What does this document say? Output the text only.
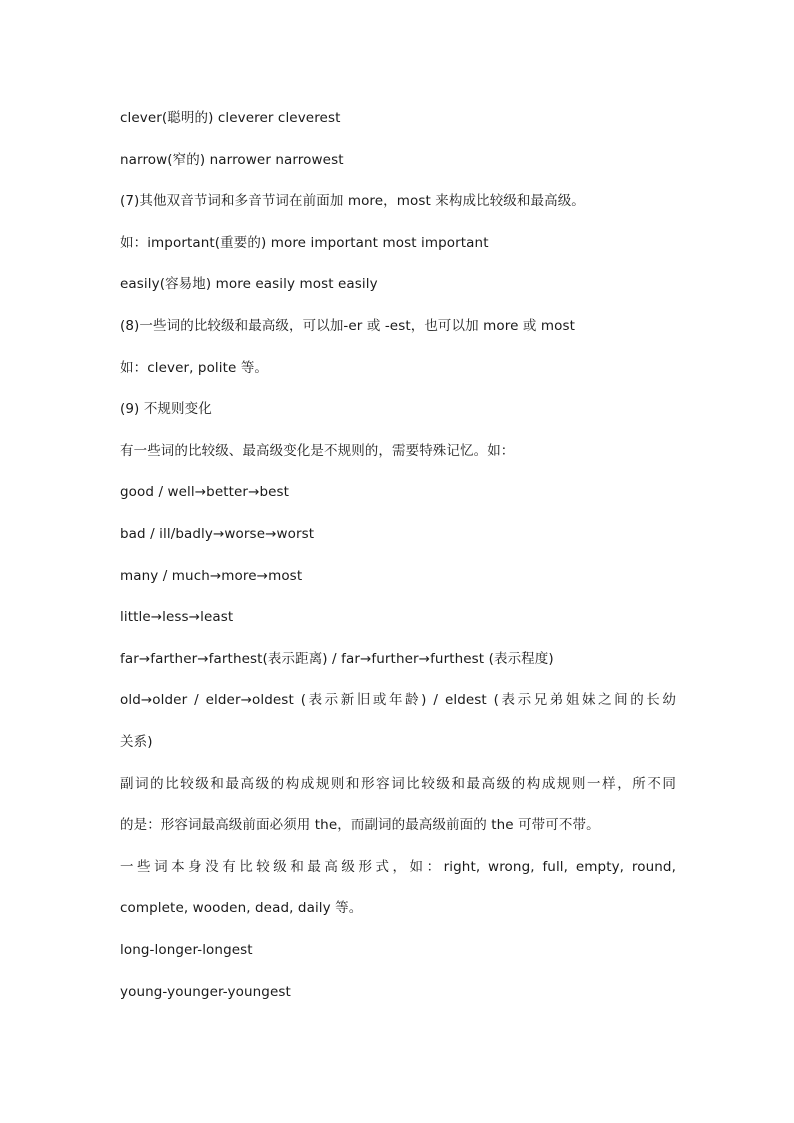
clever(聪明的) cleverer cleverest
narrow(窄的) narrower narrowest
(7)其他双音节词和多音节词在前面加 more，most 来构成比较级和最高级。
如：important(重要的) more important most important
easily(容易地) more easily most easily
(8)一些词的比较级和最高级，可以加-er 或 -est，也可以加 more 或 most
如：clever, polite 等。
(9) 不规则变化
有一些词的比较级、最高级变化是不规则的，需要特殊记忆。如：
good / well→better→best
bad / ill/badly→worse→worst
many / much→more→most
little→less→least
far→farther→farthest(表示距离) / far→further→furthest (表示程度)
old→older / elder→oldest (表示新旧或年龄) / eldest (表示兄弟姐妹之间的长幼
关系)
副词的比较级和最高级的构成规则和形容词比较级和最高级的构成规则一样，所不同
的是：形容词最高级前面必须用 the，而副词的最高级前面的 the 可带可不带。
一些词本身没有比较级和最高级形式，如：right, wrong, full, empty, round,
complete, wooden, dead, daily 等。
long-longer-longest
young-younger-youngest
